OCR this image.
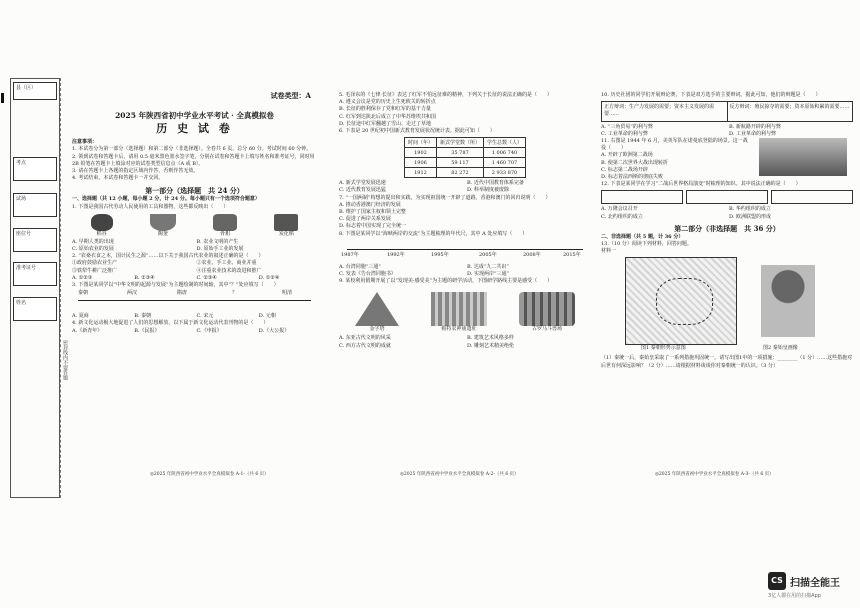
县（区）
考点
试场
座位号
准考证号
姓名
密封线内不要答题
试卷类型：A
2025 年陕西省初中学业水平考试 · 全真模拟卷
历 史 试 卷
注意事项：
1. 本试卷分为第一部分（选择题）和第二部分（非选择题）。全卷共 6 页，总分 60 分。考试时间 60 分钟。
2. 领到试卷和答题卡后，请用 0.5 毫米黑色墨水签字笔，分别在试卷和答题卡上填写姓名和准考证号，同时用 2B 铅笔在答题卡上填涂对应的试卷类型信息点（A 或 B）。
3. 请在答题卡上各题的指定区域内作答，否则作答无效。
4. 考试结束，本试卷和答题卡一并交回。
第一部分（选择题　共 24 分）
一、选择题（共 12 小题，每小题 2 分，计 24 分。每小题只有一个选项符合题意）
1. 下图是我国古代劳动人民使用的工具和器物，这些都反映出（　　）
稻谷	陶釜	骨耜	炭化稻
A. 早期人类的出现	B. 农业文明的产生
C. 原始农业的发展	D. 原始手工业的发展
2. “农桑衣食之本，国计民生之源”……以下关于我国古代农业的叙述正确的是（　　）
①政府鼓励农业生产	②农业、手工业、商业并重
③铁犁牛耕广泛推广	④注重农业技术的改进和推广
A. ①②③	B. ①③④	C. ②③④	D. ①②④
3. 下图是某同学以“中华文明的起源与发展”为主题绘制的时间轴，其中“？”处应填写（　　）
秦朝	两汉	隋唐	？	明清
A. 夏商	B. 秦朝	C. 宋元	D. 元朝
4. 新文化运动极大地促进了人们的思想解放，以下属于新文化运动代表刊物的是（　　）
A.《新青年》	B.《民报》	C.《申报》	D.《大公报》
◎2025 年陕西省初中学业水平全真模拟卷 A-1-（共 6 页）
5. 毛泽东的《七律·长征》表达了红军不怕远征难的精神，下列关于长征的说法正确的是（　　）
A. 遵义会议是党的历史上生死攸关的转折点
B. 长征的胜利保存了党和红军的基干力量
C. 红军到达陕北后成立了中华苏维埃共和国
D. 长征途中红军翻越了雪山、走过了草地
6. 下表是 20 世纪初中国新式教育发展状况统计表。据此可知（　　）
时间（年）	新式学堂数（所）	学生总数（人）
1902	35 787	1 006 740
1906	59 117	1 460 707
1912	82 272	2 933 870
A. 新式学堂发展迅速	B. 近代中国教育体系完备
C. 近代教育发展迅猛	D. 科举制度被废除
7. “一国两制”构想的提出和实践，为实现祖国统一开辟了道路。香港和澳门的回归说明（　　）
A. 推动香港澳门经济的发展
B. 维护了国家主权和领土完整
C. 促进了两岸关系发展
D. 标志着中国实现了完全统一
8. 下图是某同学以“海峡两岸的交流”为主题梳理的年代尺，其中 A 处应填写（　　）
1987年	1992年	1995年	2005年	2008年	2015年
A. 台湾同胞“三通”	B. 达成“九二共识”
C. 发表《告台湾同胞书》	D. 实现两岸“三通”
9. 某校利用假期开展了以“发现美·感受美”为主题的研学活动，下图研学路线主要是感受（　　）
金字塔	帕特农神庙遗址	古罗马斗兽场
A. 东亚古代文明的风采	B. 建筑艺术风格多样
C. 西方古代文明的成就	D. 雕刻艺术精美绝伦
◎2025 年陕西省初中学业水平全真模拟卷 A-2-（共 6 页）
10. 历史社团的同学们开展辩论赛，下表是双方选手的主要辩词。据此可知，他们的辩题是（　　）
正方辩词：生产力发展的需要；资本主义发展的需要……
反方辩词：殖民掠夺的需要；资本原始积累的需要……
A. “三角贸易”的利与弊	B. 新航路开辟的利与弊
C. 工业革命的利与弊	D. 工业革命的利与弊
11. 右图是 1944 年 6 月，美英军队在诺曼底登陆的场景。这一战役（　　）
A. 开辟了欧洲第二战场
B. 使第二次世界大战出现转折
C. 标志第二战场开辟
D. 标志着法西斯的彻底失败
12. 下表是某同学在学习“二战后世界格局演变”时梳理的知识。其中说法正确的是（　　）
A. 万隆会议召开	B. 华约组织的成立
C. 北约组织的成立	D. 欧洲联盟的形成
第二部分（非选择题　共 36 分）
二、非选择题（共 5 题，计 36 分）
13.（10 分）阅读下列材料，回答问题。
材料一
图1 秦朝形势示意图	图2 秦始皇画像
（1）秦统一后，秦始皇采取了一系列措施巩固统一。请写出图1中的一项措施：________（1 分）……这些措施对后世有何深远影响？（2 分）……请根据材料谈谈你对秦朝统一的认识。（3 分）
◎2025 年陕西省初中学业水平全真模拟卷 A-3-（共 6 页）
CS 扫描全能王
3亿人都在用的扫描App
